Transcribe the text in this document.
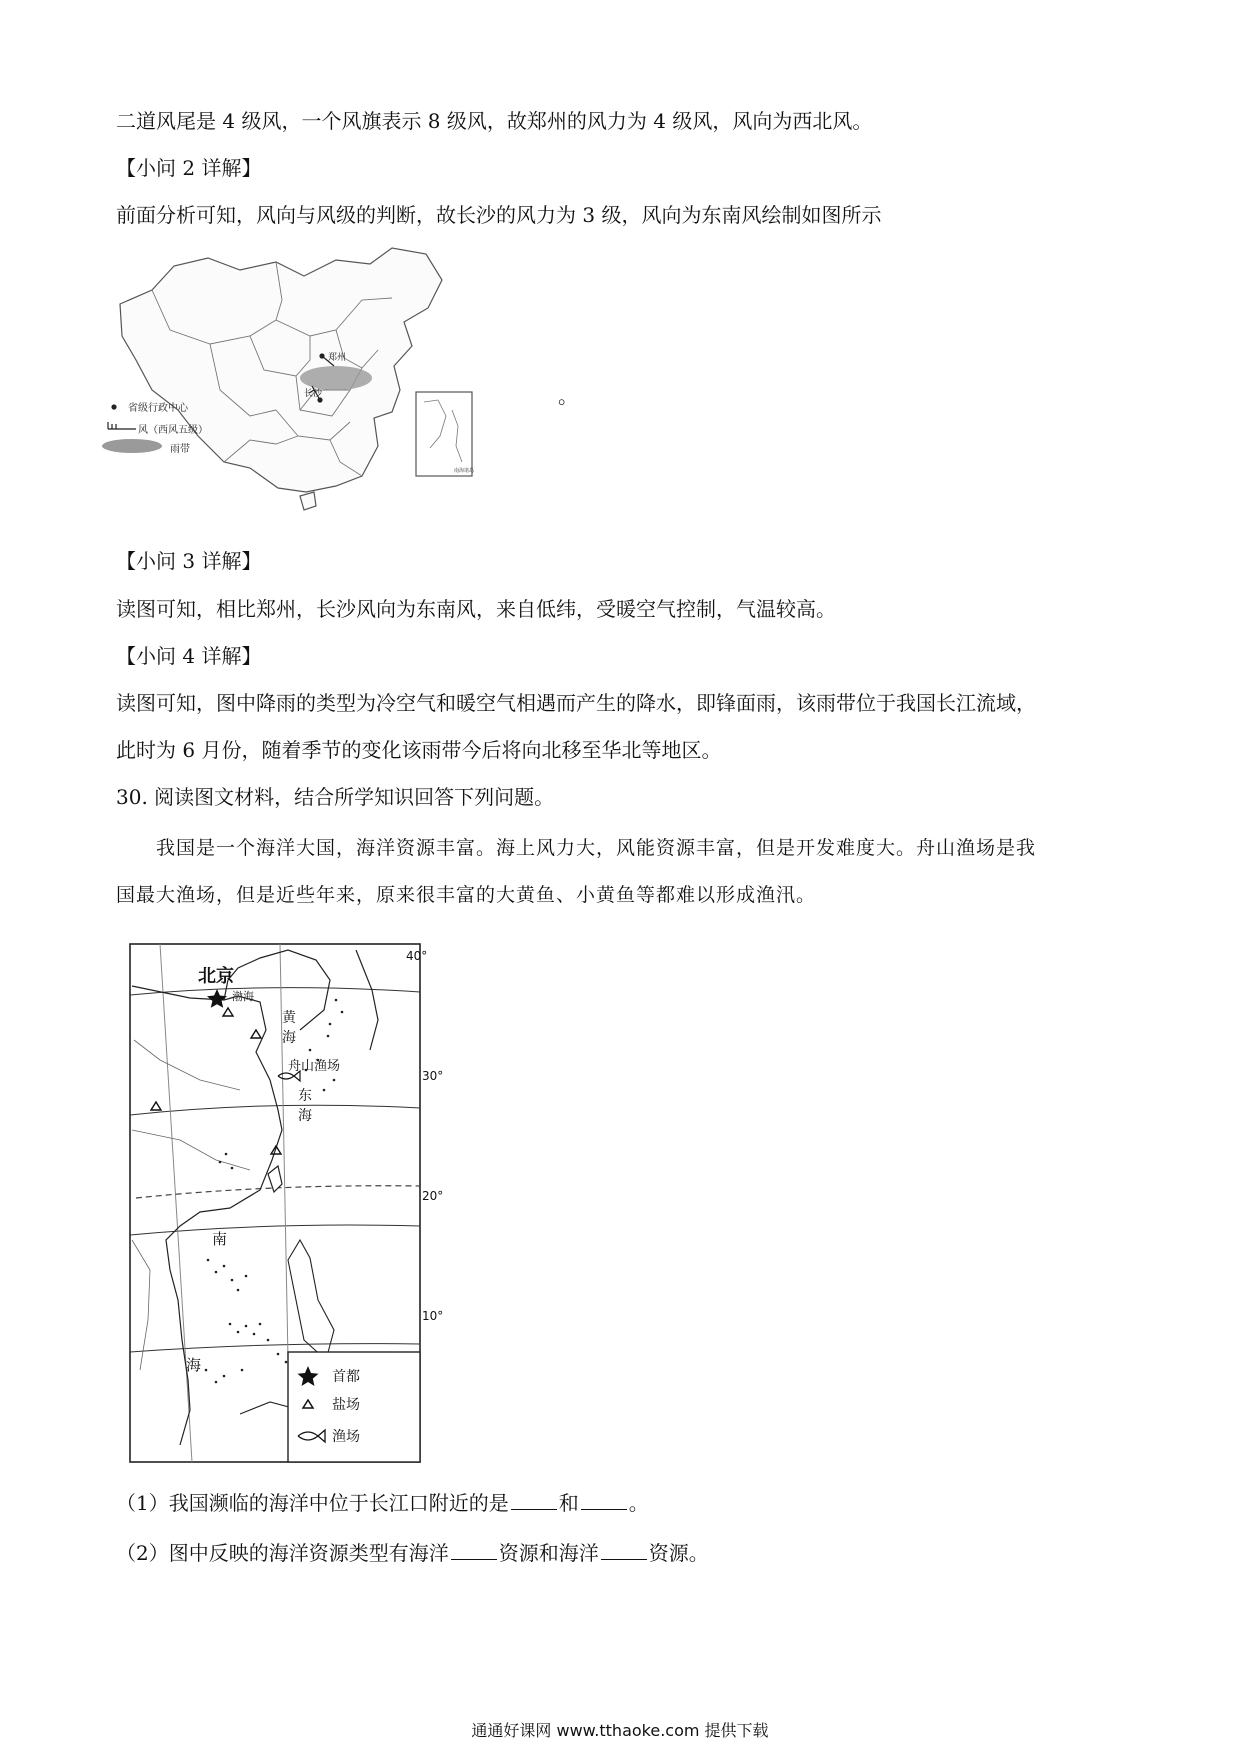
二道风尾是 4 级风，一个风旗表示 8 级风，故郑州的风力为 4 级风，风向为西北风。
【小问 2 详解】
前面分析可知，风向与风级的判断，故长沙的风力为 3 级，风向为东南风绘制如图所示
郑州
长沙
省级行政中心
风（西风五级）
雨带
南海诸岛
。
【小问 3 详解】
读图可知，相比郑州，长沙风向为东南风，来自低纬，受暖空气控制，气温较高。
【小问 4 详解】
读图可知，图中降雨的类型为冷空气和暖空气相遇而产生的降水，即锋面雨，该雨带位于我国长江流域，
此时为 6 月份，随着季节的变化该雨带今后将向北移至华北等地区。
30. 阅读图文材料，结合所学知识回答下列问题。
我国是一个海洋大国，海洋资源丰富。海上风力大，风能资源丰富，但是开发难度大。舟山渔场是我
国最大渔场，但是近些年来，原来很丰富的大黄鱼、小黄鱼等都难以形成渔汛。
北京
渤海
舟山渔场
黄
海
东
海
南
海
40°
30°
20°
10°
首都
盐场
渔场
（1）我国濒临的海洋中位于长江口附近的是	和	。
（2）图中反映的海洋资源类型有海洋	资源和海洋	资源。
通通好课网 www.tthaoke.com 提供下载
